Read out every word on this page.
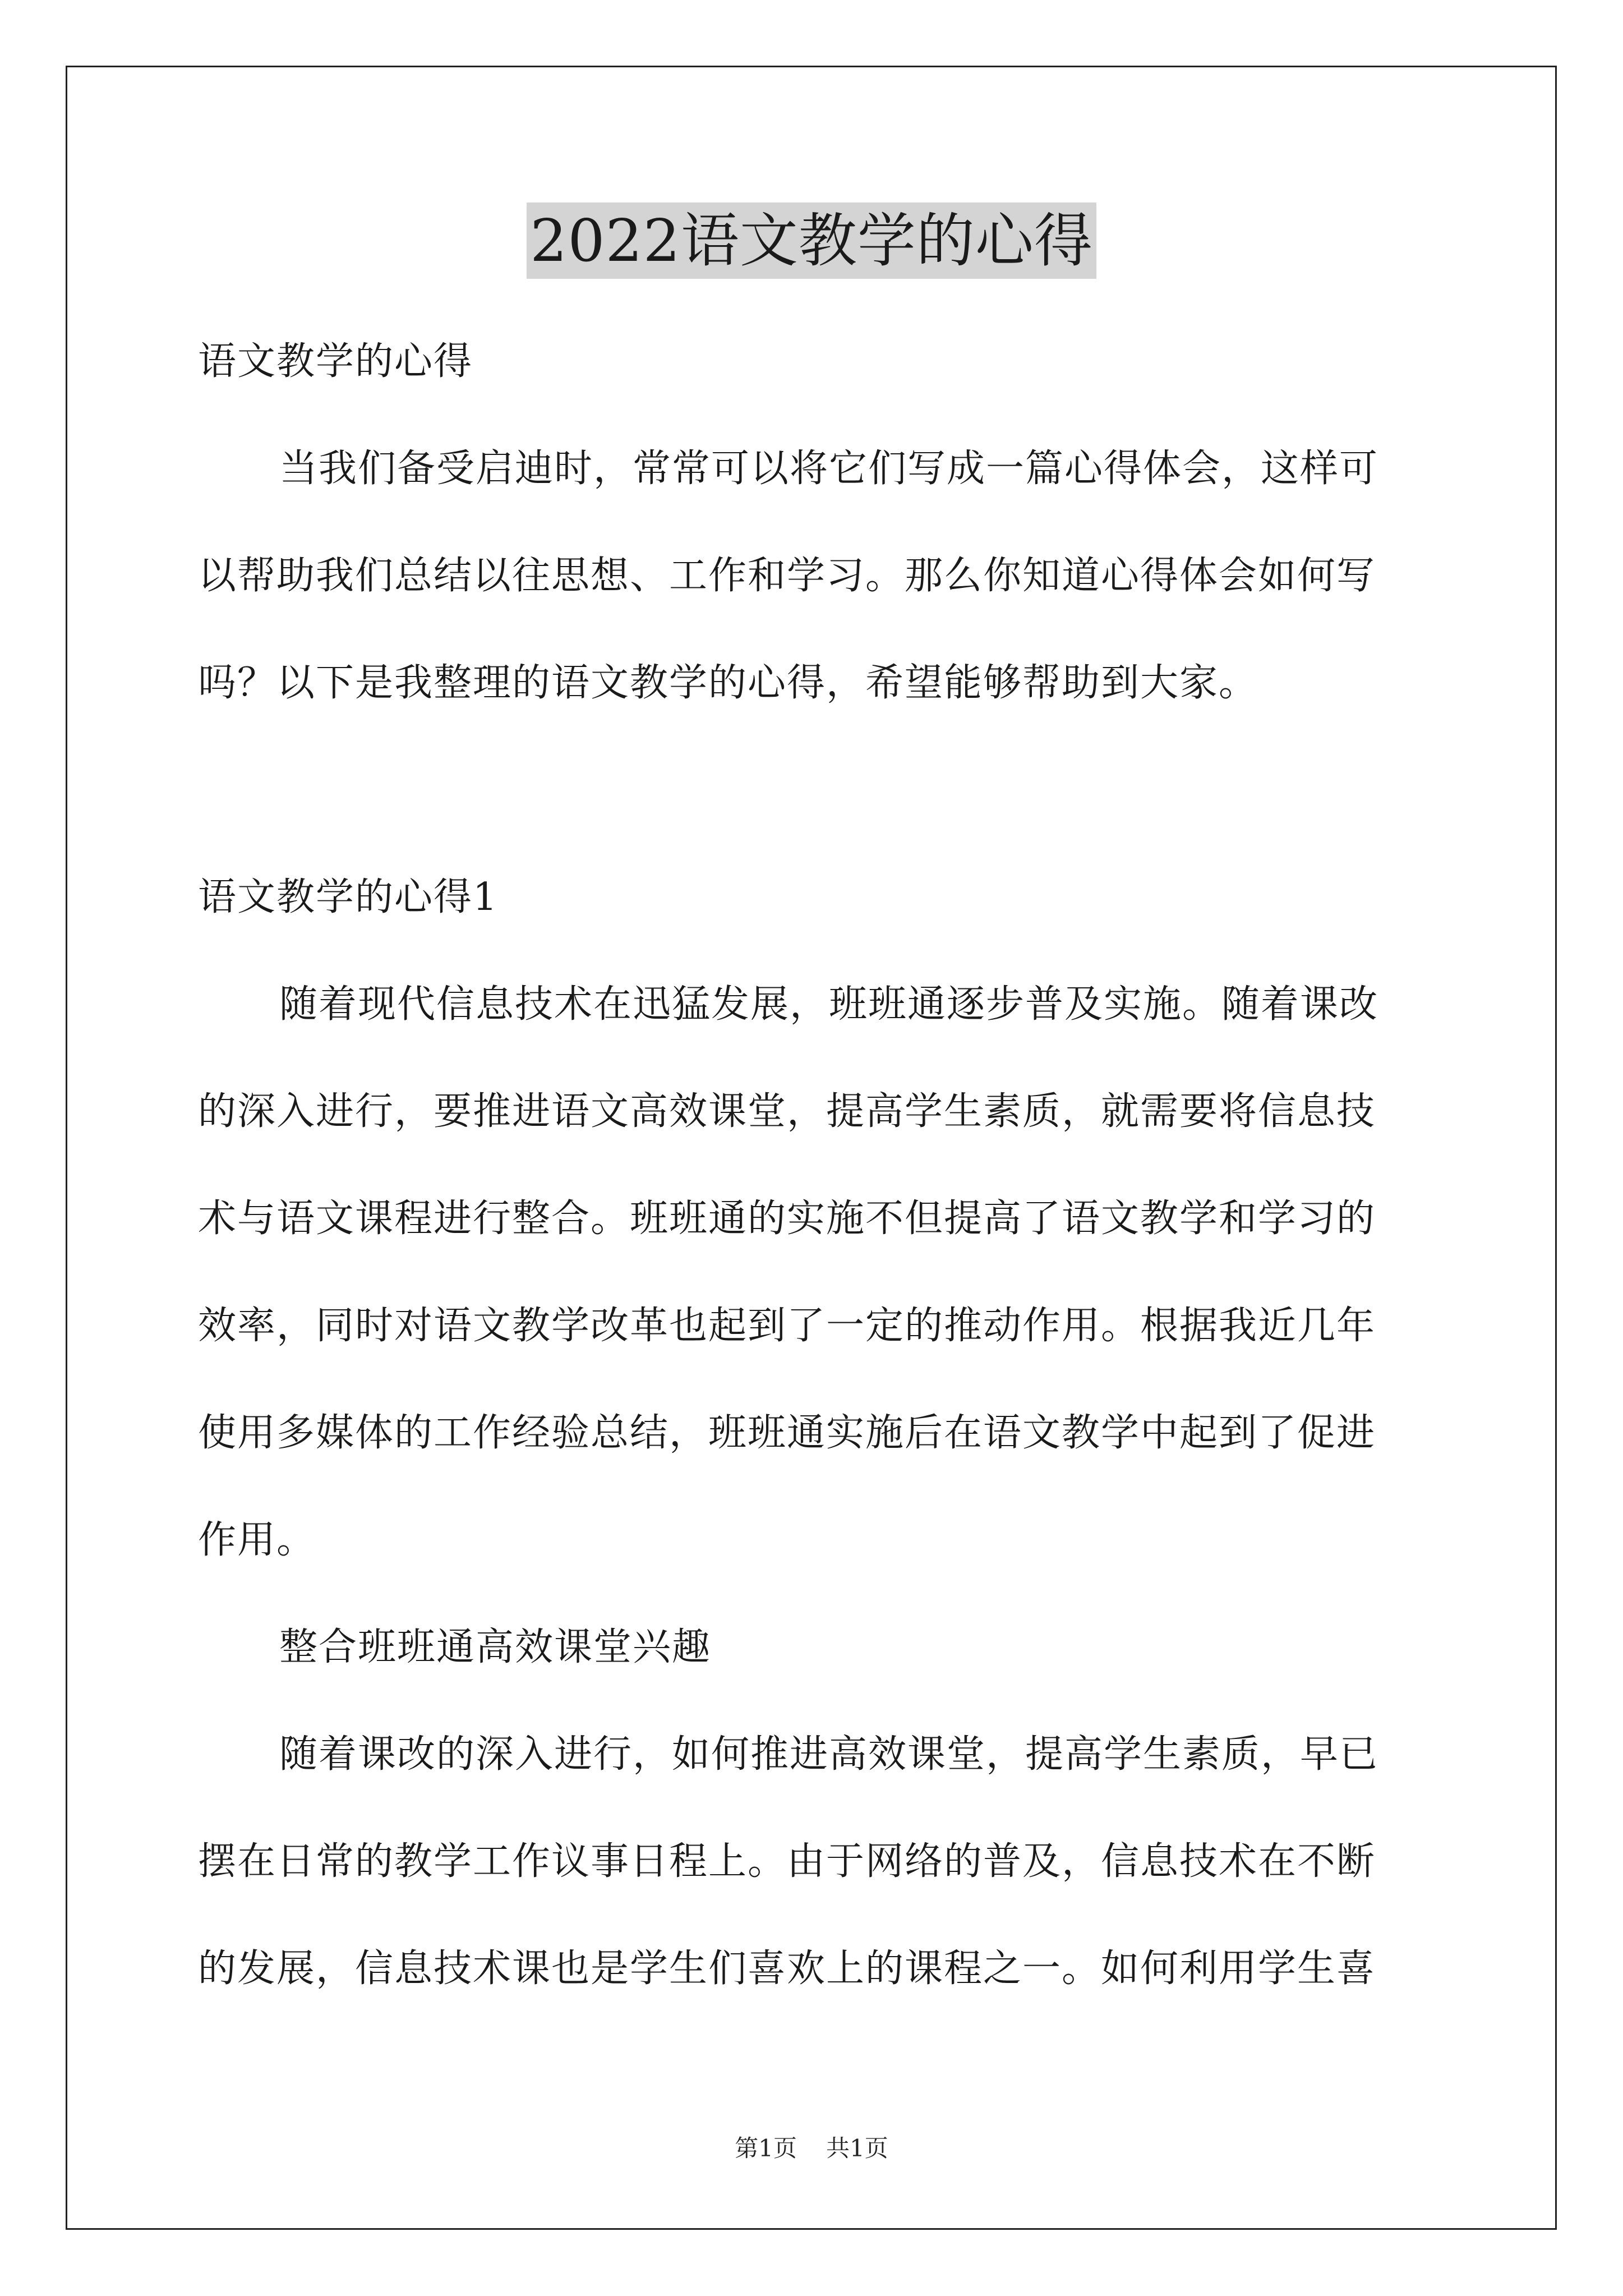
2022语文教学的心得
语文教学的心得
当我们备受启迪时，常常可以将它们写成一篇心得体会，这样可
以帮助我们总结以往思想、工作和学习。那么你知道心得体会如何写
吗？以下是我整理的语文教学的心得，希望能够帮助到大家。
语文教学的心得1
随着现代信息技术在迅猛发展，班班通逐步普及实施。随着课改
的深入进行，要推进语文高效课堂，提高学生素质，就需要将信息技
术与语文课程进行整合。班班通的实施不但提高了语文教学和学习的
效率，同时对语文教学改革也起到了一定的推动作用。根据我近几年
使用多媒体的工作经验总结，班班通实施后在语文教学中起到了促进
作用。
整合班班通高效课堂兴趣
随着课改的深入进行，如何推进高效课堂，提高学生素质，早已
摆在日常的教学工作议事日程上。由于网络的普及，信息技术在不断
的发展，信息技术课也是学生们喜欢上的课程之一。如何利用学生喜
第1页 共1页
